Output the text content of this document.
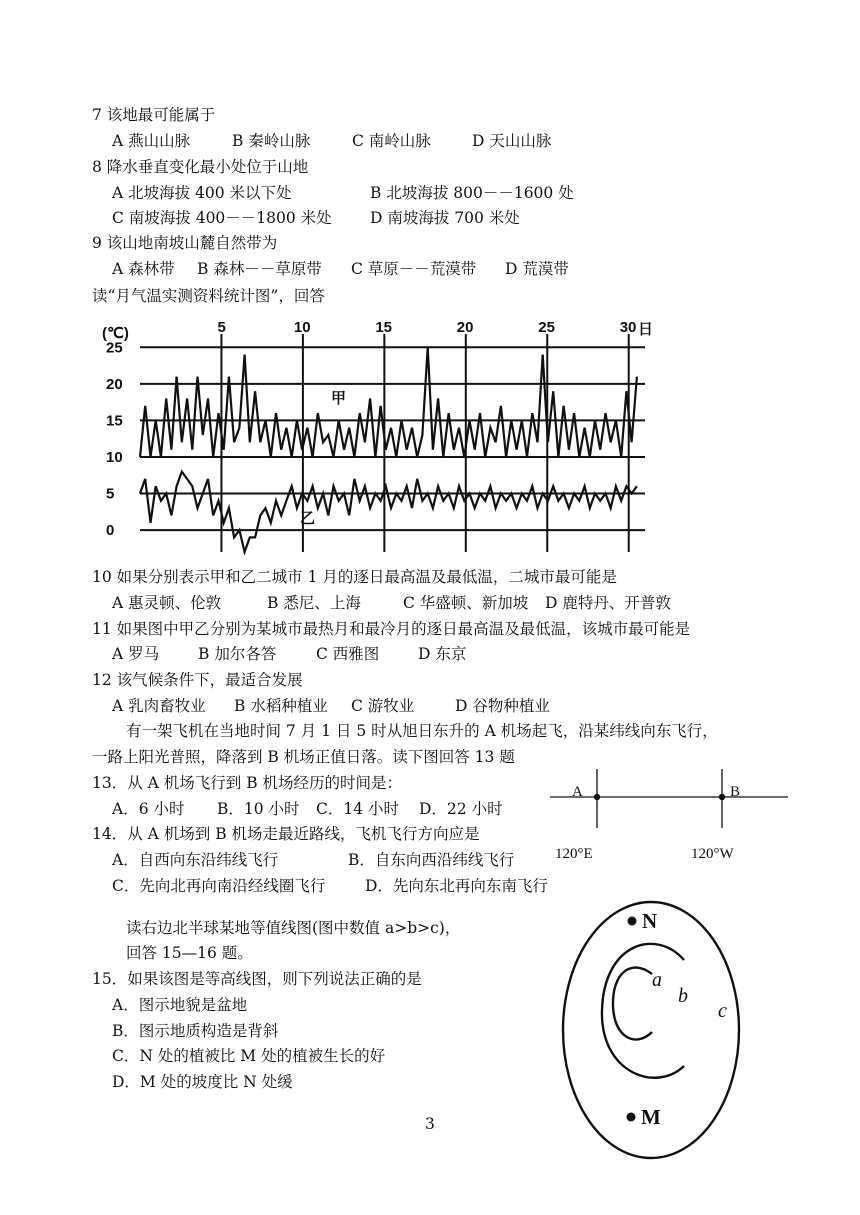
7 该地最可能属于
A 燕山山脉	B 秦岭山脉	C 南岭山脉	D 天山山脉
8 降水垂直变化最小处位于山地
A 北坡海拔 400 米以下处	B 北坡海拔 800－－1600 处
C 南坡海拔 400－－1800 米处 D 南坡海拔 700 米处
9 该山地南坡山麓自然带为
A 森林带 B 森林－－草原带 C 草原－－荒漠带 D 荒漠带
读“月气温实测资料统计图”，回答
0
5
10
15
20
25
5	10	15	20	25	30
(℃)	日
甲
乙
10 如果分别表示甲和乙二城市 1 月的逐日最高温及最低温，二城市最可能是
A 惠灵顿、伦敦	B 悉尼、上海	C 华盛顿、新加坡 D 鹿特丹、开普敦
11 如果图中甲乙分别为某城市最热月和最冷月的逐日最高温及最低温，该城市最可能是
A 罗马	B 加尔各答	C 西雅图 D 东京
12 该气候条件下，最适合发展
A 乳肉畜牧业 B 水稻种植业 C 游牧业	D 谷物种植业
有一架飞机在当地时间 7 月 1 日 5 时从旭日东升的 A 机场起飞，沿某纬线向东飞行，
一路上阳光普照，降落到 B 机场正值日落。读下图回答 13 题
13．从 A 机场飞行到 B 机场经历的时间是：
A．6 小时 B．10 小时 C．14 小时 D．22 小时
A	B
120°E	120°W
14．从 A 机场到 B 机场走最近路线，飞机飞行方向应是
A．自西向东沿纬线飞行	B．自东向西沿纬线飞行
C．先向北再向南沿经线圈飞行	D．先向东北再向东南飞行
读右边北半球某地等值线图(图中数值 a>b>c)，
回答 15—16 题。
15．如果该图是等高线图，则下列说法正确的是
A．图示地貌是盆地
B．图示地质构造是背斜
C．N 处的植被比 M 处的植被生长的好
D．M 处的坡度比 N 处缓
N
M
a
b
c
3
